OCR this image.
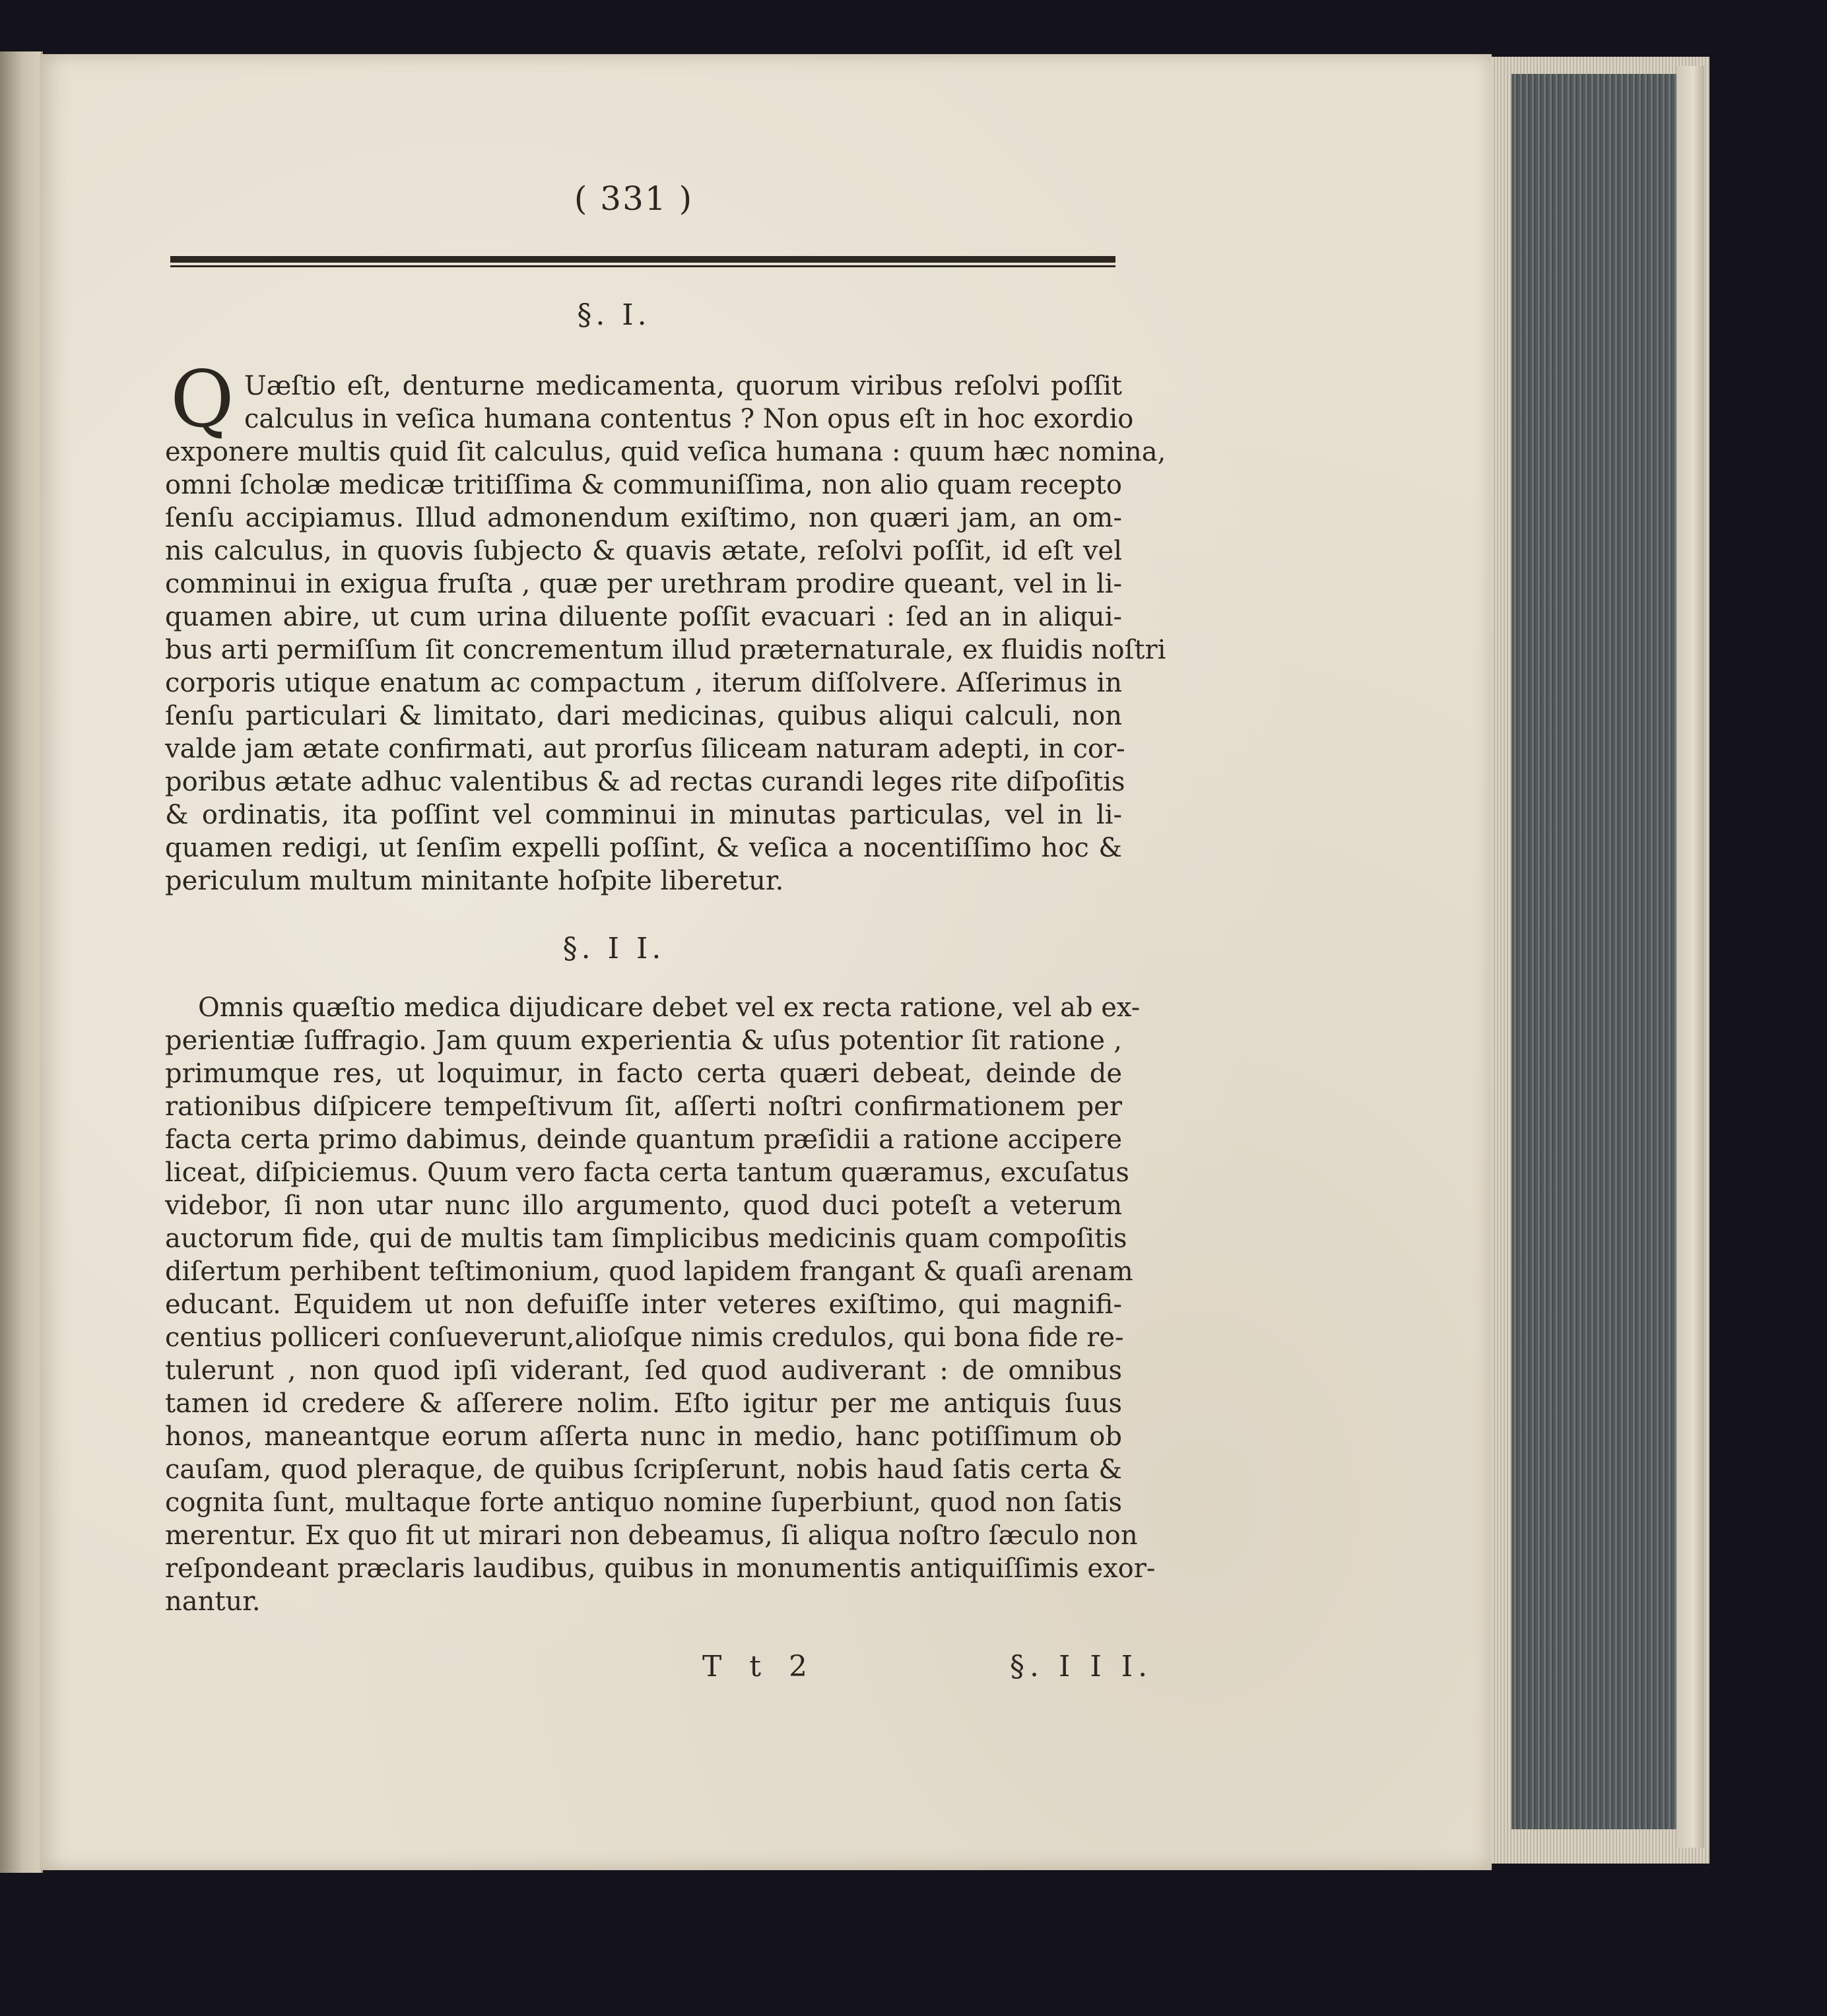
( 331 )
§. I.
Q Uæſtio eſt, denturne medicamenta, quorum viribus reſolvi poſſit
calculus in veſica humana contentus ? Non opus eſt in hoc exordio
exponere multis quid ſit calculus, quid veſica humana : quum hæc nomina,
omni ſcholæ medicæ tritiſſima & communiſſima, non alio quam recepto
ſenſu accipiamus. Illud admonendum exiſtimo, non quæri jam, an om-
nis calculus, in quovis ſubjecto & quavis ætate, reſolvi poſſit, id eſt vel
comminui in exigua fruſta , quæ per urethram prodire queant, vel in li-
quamen abire, ut cum urina diluente poſſit evacuari : ſed an in aliqui-
bus arti permiſſum ſit concrementum illud præternaturale, ex fluidis noſtri
corporis utique enatum ac compactum , iterum diſſolvere. Aſſerimus in
ſenſu particulari & limitato, dari medicinas, quibus aliqui calculi, non
valde jam ætate confirmati, aut prorſus ſiliceam naturam adepti, in cor-
poribus ætate adhuc valentibus & ad rectas curandi leges rite diſpoſitis
& ordinatis, ita poſſint vel comminui in minutas particulas, vel in li-
quamen redigi, ut ſenſim expelli poſſint, & veſica a nocentiſſimo hoc &
periculum multum minitante hoſpite liberetur.
§. I I.
Omnis quæſtio medica dijudicare debet vel ex recta ratione, vel ab ex-
perientiæ ſuffragio. Jam quum experientia & uſus potentior ſit ratione ,
primumque res, ut loquimur, in facto certa quæri debeat, deinde de
rationibus diſpicere tempeſtivum ſit, aſſerti noſtri confirmationem per
facta certa primo dabimus, deinde quantum præſidii a ratione accipere
liceat, diſpiciemus. Quum vero facta certa tantum quæramus, excuſatus
videbor, ſi non utar nunc illo argumento, quod duci poteſt a veterum
auctorum fide, qui de multis tam ſimplicibus medicinis quam compoſitis
diſertum perhibent teſtimonium, quod lapidem frangant & quaſi arenam
educant. Equidem ut non defuiſſe inter veteres exiſtimo, qui magnifi-
centius polliceri conſueverunt,alioſque nimis credulos, qui bona fide re-
tulerunt , non quod ipſi viderant, ſed quod audiverant : de omnibus
tamen id credere & aſſerere nolim. Eſto igitur per me antiquis ſuus
honos, maneantque eorum aſſerta nunc in medio, hanc potiſſimum ob
cauſam, quod pleraque, de quibus ſcripſerunt, nobis haud ſatis certa &
cognita ſunt, multaque forte antiquo nomine ſuperbiunt, quod non ſatis
merentur. Ex quo fit ut mirari non debeamus, ſi aliqua noſtro ſæculo non
reſpondeant præclaris laudibus, quibus in monumentis antiquiſſimis exor-
nantur.
T t 2	§. I I I.
